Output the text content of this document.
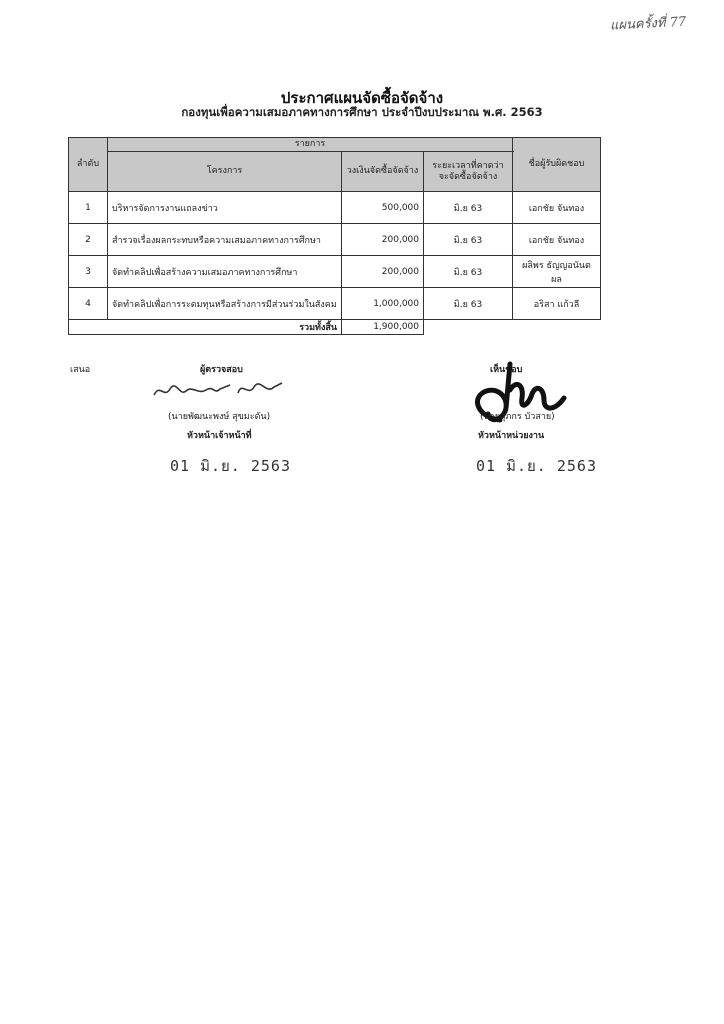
แผนครั้งที่ 77
ประกาศแผนจัดซื้อจัดจ้าง
กองทุนเพื่อความเสมอภาคทางการศึกษา ประจำปีงบประมาณ พ.ศ. 2563
ลำดับ	รายการ			ชื่อผู้รับผิดชอบ
	โครงการ	วงเงินจัดซื้อจัดจ้าง	ระยะเวลาที่คาดว่าจะจัดซื้อจัดจ้าง	
1	บริหารจัดการงานแถลงข่าว	500,000	มิ.ย 63	เอกชัย จันทอง
2	สำรวจเรื่องผลกระทบหรือความเสมอภาคทางการศึกษา	200,000	มิ.ย 63	เอกชัย จันทอง
3	จัดทำคลิปเพื่อสร้างความเสมอภาคทางการศึกษา	200,000	มิ.ย 63	ผลิพร ธัญญอนันตผล
4	จัดทำคลิปเพื่อการระดมทุนหรือสร้างการมีส่วนร่วมในสังคม	1,000,000	มิ.ย 63	อริสา แก้วลี
รวมทั้งสิ้น		1,900,000		
เสนอ	ผู้ตรวจสอบ	เห็นชอบ
(นายพัฒนะพงษ์ สุขมะดัน)
หัวหน้าเจ้าหน้าที่
(นายสุภกร บัวสาย)
หัวหน้าหน่วยงาน
01 มิ.ย. 2563	01 มิ.ย. 2563
